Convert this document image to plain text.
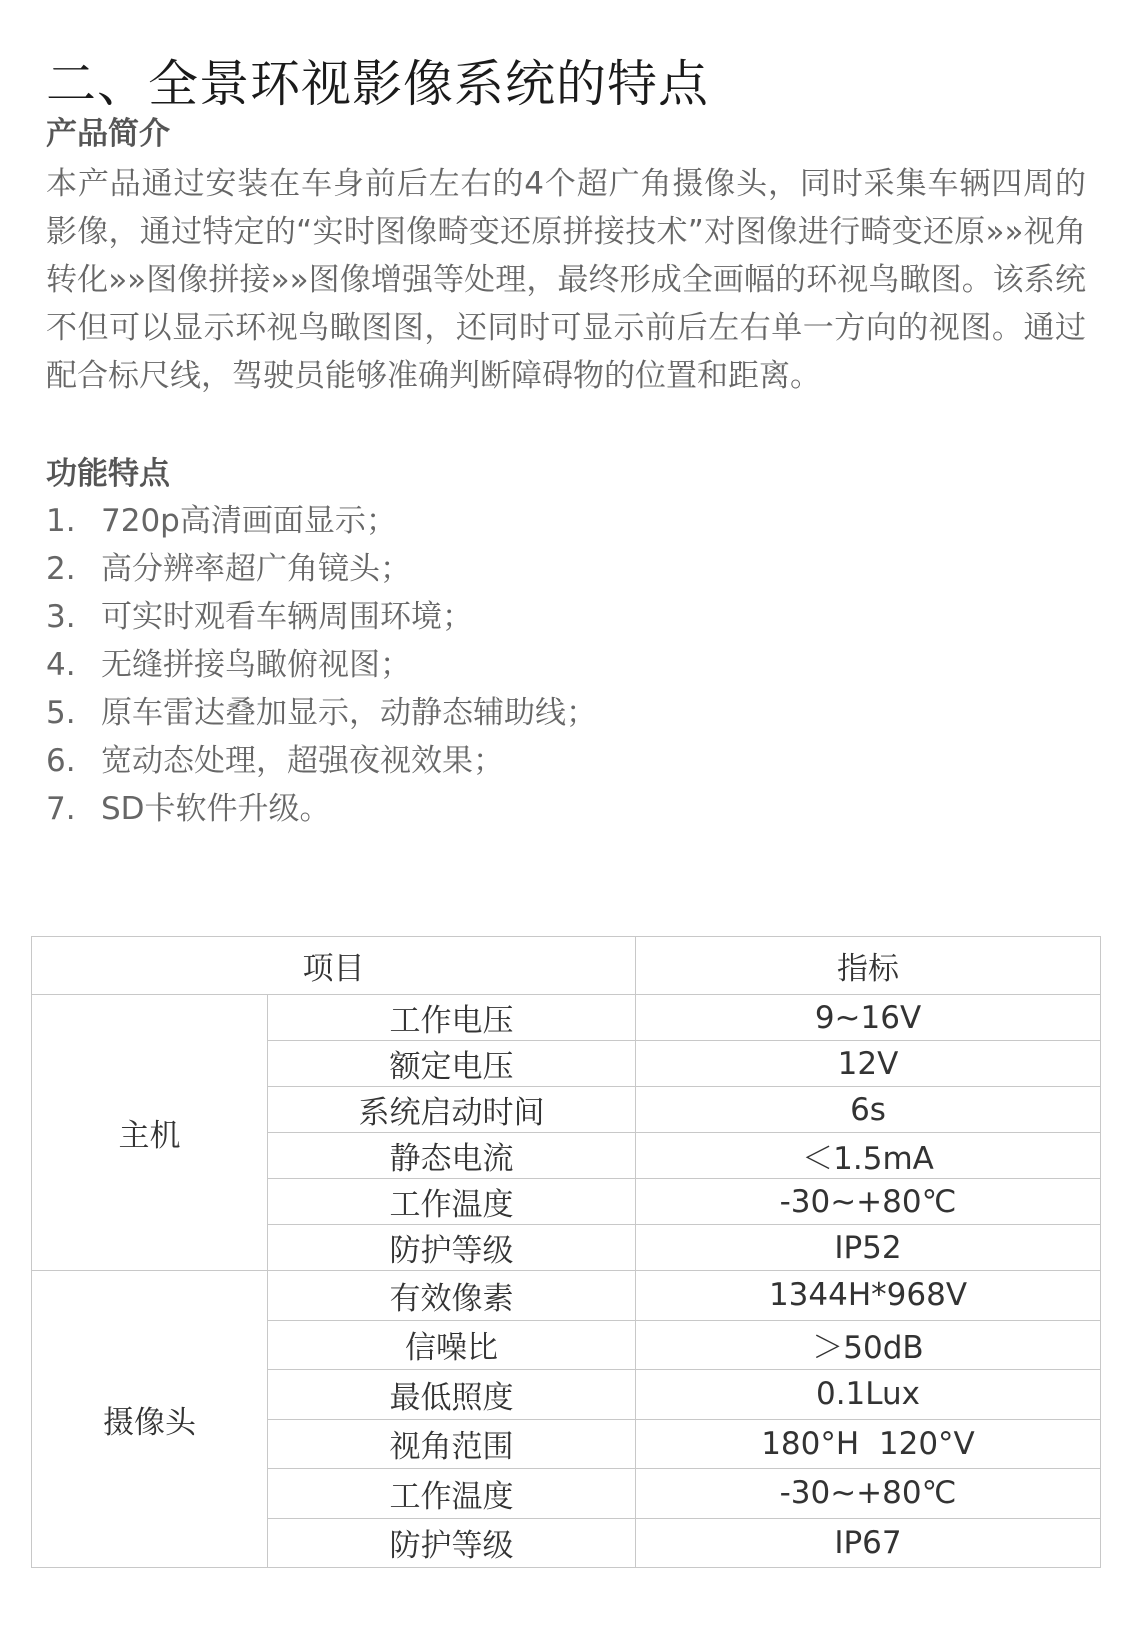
二、全景环视影像系统的特点
产品简介
本产品通过安装在车身前后左右的4个超广角摄像头，同时采集车辆四周的影像，通过特定的“实时图像畸变还原拼接技术”对图像进行畸变还原»»视角转化»»图像拼接»»图像增强等处理，最终形成全画幅的环视鸟瞰图。该系统不但可以显示环视鸟瞰图图，还同时可显示前后左右单一方向的视图。通过配合标尺线，驾驶员能够准确判断障碍物的位置和距离。
功能特点
1. 720p高清画面显示；
2. 高分辨率超广角镜头；
3. 可实时观看车辆周围环境；
4. 无缝拼接鸟瞰俯视图；
5. 原车雷达叠加显示，动静态辅助线；
6. 宽动态处理，超强夜视效果；
7. SD卡软件升级。
项目		指标
主机	工作电压	9~16V
	额定电压	12V
	系统启动时间	6s
	静态电流	＜1.5mA
	工作温度	-30~+80℃
	防护等级	IP52
摄像头	有效像素	1344H*968V
	信噪比	＞50dB
	最低照度	0.1Lux
	视角范围	180°H  120°V
	工作温度	-30~+80℃
	防护等级	IP67
